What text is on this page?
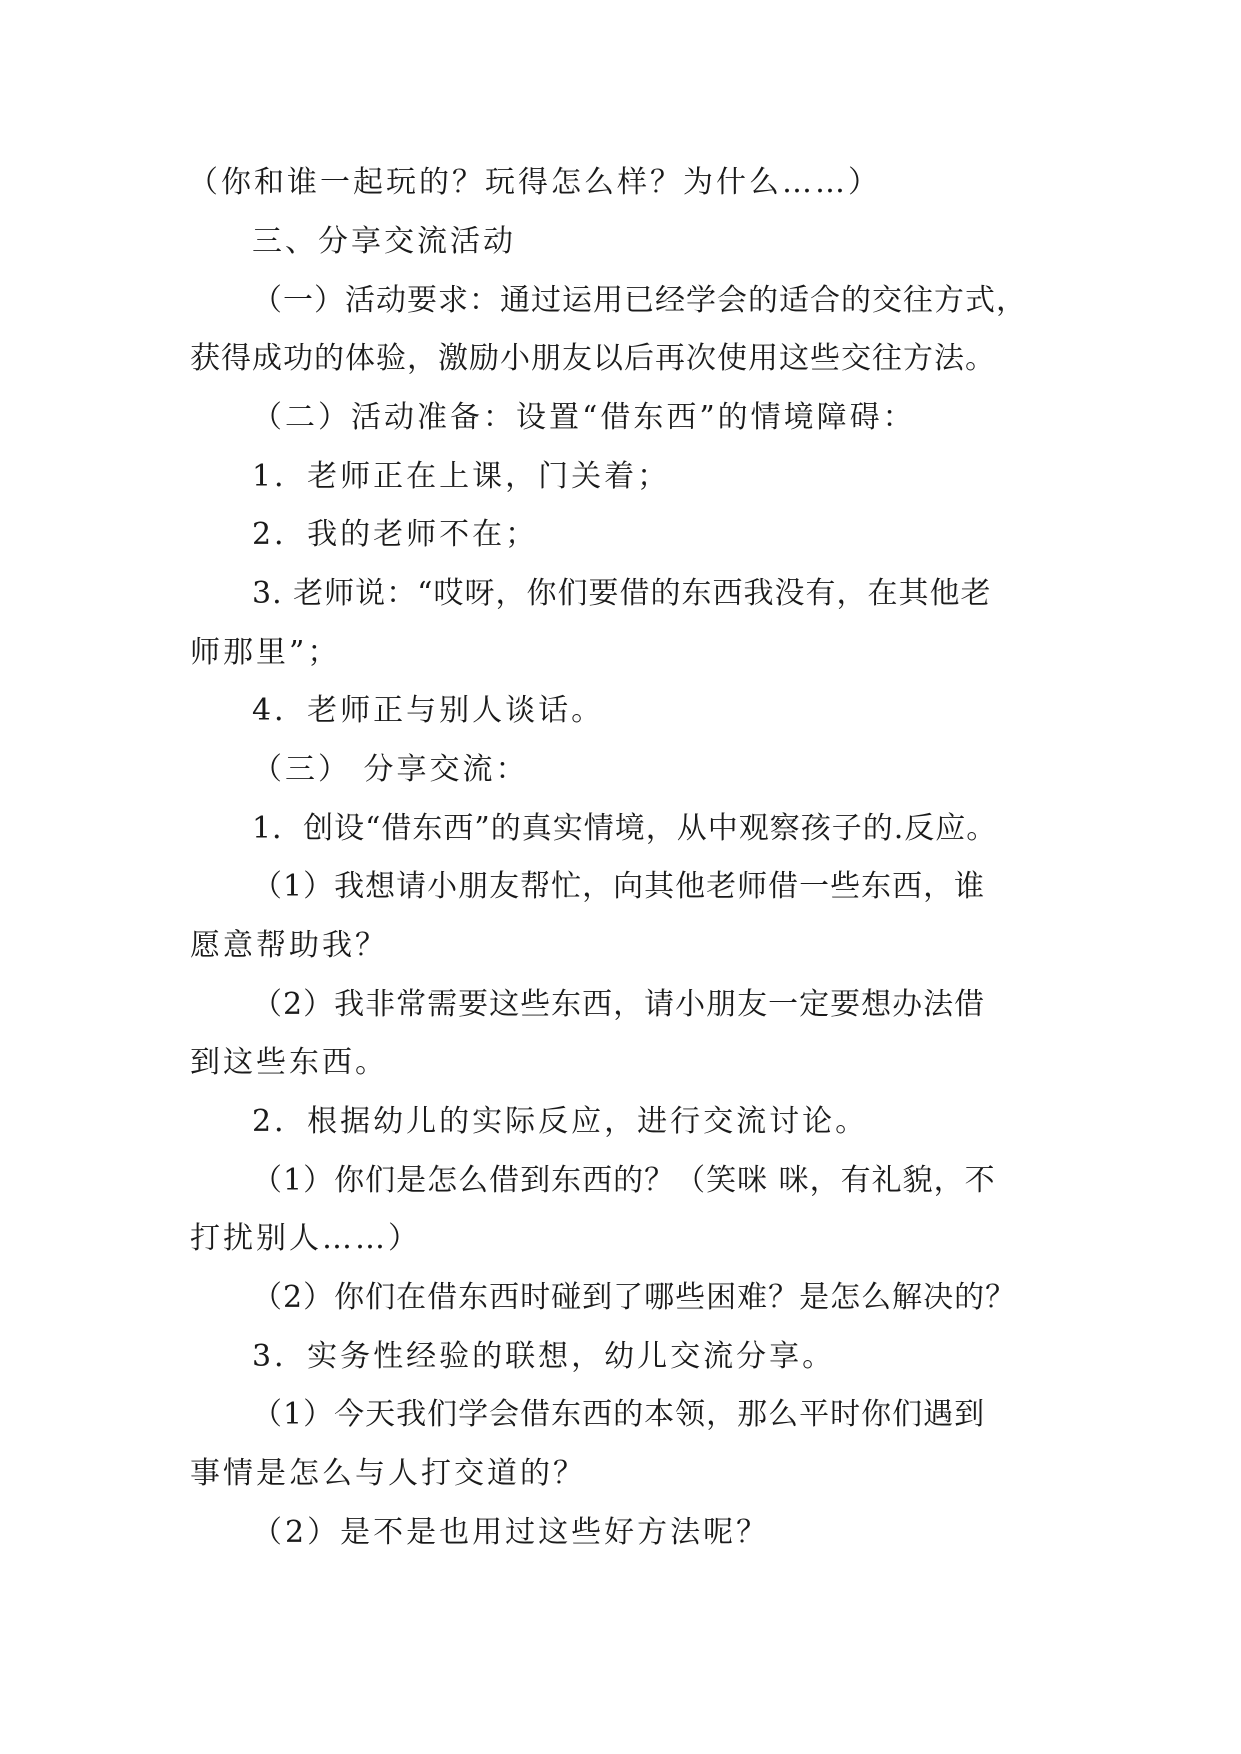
（你和谁一起玩的？玩得怎么样？为什么……）

三、分享交流活动

（一）活动要求：通过运用已经学会的适合的交往方式，

获得成功的体验，激励小朋友以后再次使用这些交往方法。

（二）活动准备：设置“借东西”的情境障碍：

1．老师正在上课，门关着；

2．我的老师不在；

3. 老师说：“哎呀，你们要借的东西我没有，在其他老

师那里”；

4．老师正与别人谈话。

（三） 分享交流：

1．创设“借东西”的真实情境，从中观察孩子的.反应。

（1）我想请小朋友帮忙，向其他老师借一些东西，谁

愿意帮助我？

（2）我非常需要这些东西，请小朋友一定要想办法借

到这些东西。

2．根据幼儿的实际反应，进行交流讨论。

（1）你们是怎么借到东西的？（笑咪 咪，有礼貌，不

打扰别人……）

（2）你们在借东西时碰到了哪些困难？是怎么解决的？

3．实务性经验的联想，幼儿交流分享。

（1）今天我们学会借东西的本领，那么平时你们遇到

事情是怎么与人打交道的？

（2）是不是也用过这些好方法呢？
